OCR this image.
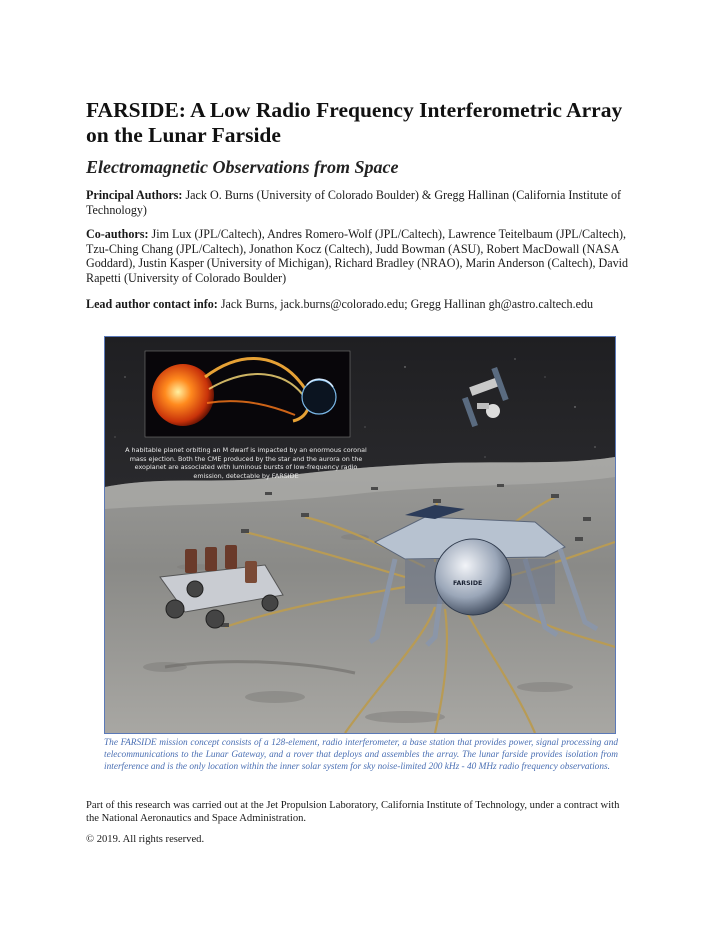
FARSIDE: A Low Radio Frequency Interferometric Array on the Lunar Farside
Electromagnetic Observations from Space

Principal Authors: Jack O. Burns (University of Colorado Boulder) & Gregg Hallinan (California Institute of Technology)

Co-authors: Jim Lux (JPL/Caltech), Andres Romero-Wolf (JPL/Caltech), Lawrence Teitelbaum (JPL/Caltech), Tzu-Ching Chang (JPL/Caltech), Jonathon Kocz (Caltech), Judd Bowman (ASU), Robert MacDowall (NASA Goddard), Justin Kasper (University of Michigan), Richard Bradley (NRAO), Marin Anderson (Caltech), David Rapetti (University of Colorado Boulder)

Lead author contact info: Jack Burns, jack.burns@colorado.edu; Gregg Hallinan gh@astro.caltech.edu

FARSIDE
A habitable planet orbiting an M dwarf is impacted by an enormous coronal mass ejection. Both the CME produced by the star and the aurora on the exoplanet are associated with luminous bursts of low-frequency radio emission, detectable by FARSIDE

The FARSIDE mission concept consists of a 128-element, radio interferometer, a base station that provides power, signal processing and telecommunications to the Lunar Gateway, and a rover that deploys and assembles the array. The lunar farside provides isolation from interference and is the only location within the inner solar system for sky noise-limited 200 kHz - 40 MHz radio frequency observations.

Part of this research was carried out at the Jet Propulsion Laboratory, California Institute of Technology, under a contract with the National Aeronautics and Space Administration.

© 2019. All rights reserved.
